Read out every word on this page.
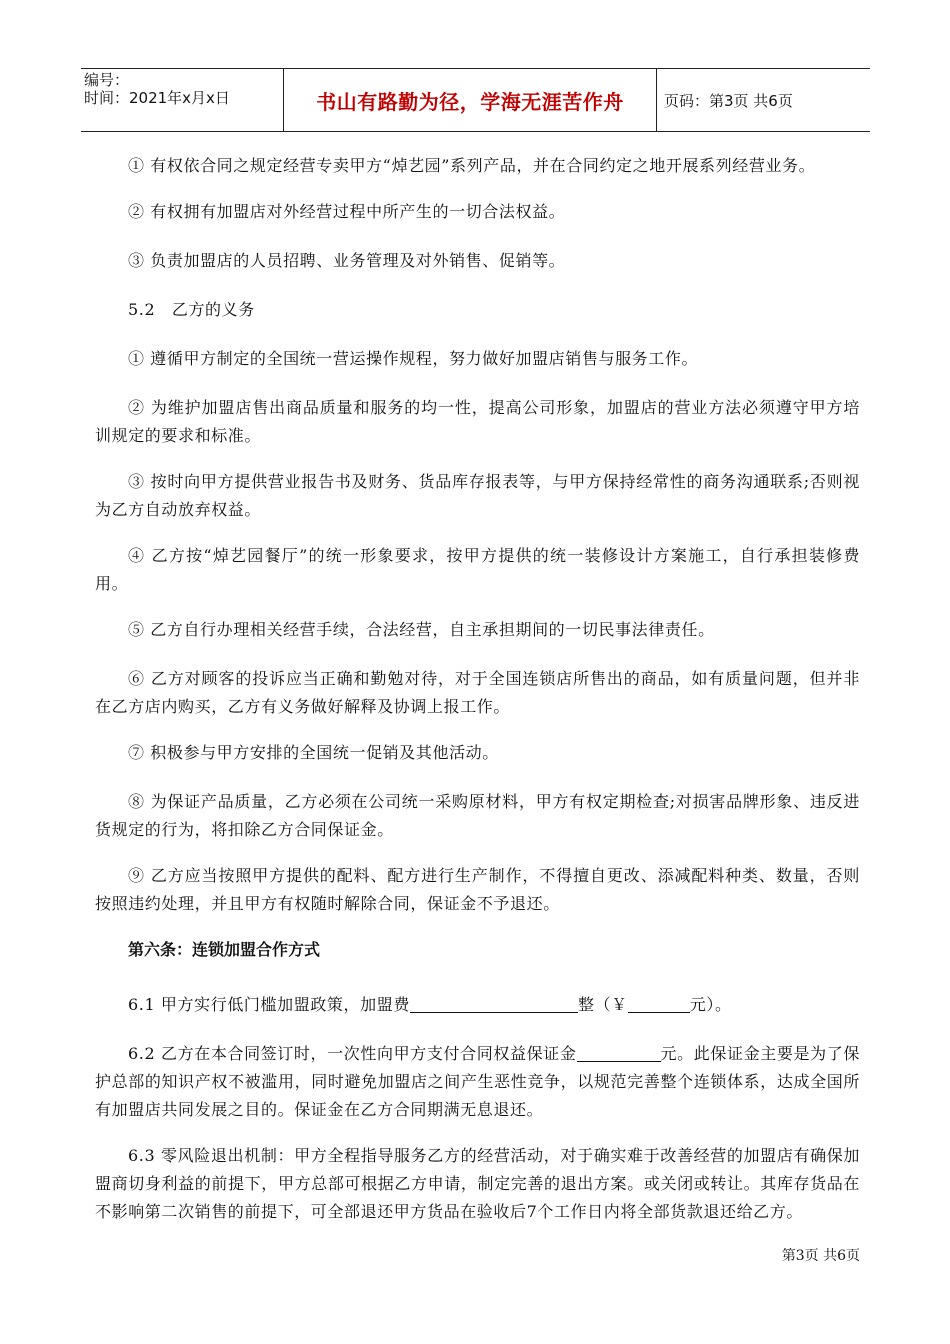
编号：
时间：2021年x月x日	书山有路勤为径，学海无涯苦作舟	页码：第3页 共6页

① 有权依合同之规定经营专卖甲方“焯艺园”系列产品，并在合同约定之地开展系列经营业务。

② 有权拥有加盟店对外经营过程中所产生的一切合法权益。

③ 负责加盟店的人员招聘、业务管理及对外销售、促销等。

5.2　乙方的义务

① 遵循甲方制定的全国统一营运操作规程，努力做好加盟店销售与服务工作。

② 为维护加盟店售出商品质量和服务的均一性，提高公司形象，加盟店的营业方法必须遵守甲方培训规定的要求和标准。

③ 按时向甲方提供营业报告书及财务、货品库存报表等，与甲方保持经常性的商务沟通联系;否则视为乙方自动放弃权益。

④ 乙方按“焯艺园餐厅”的统一形象要求，按甲方提供的统一装修设计方案施工，自行承担装修费用。

⑤ 乙方自行办理相关经营手续，合法经营，自主承担期间的一切民事法律责任。

⑥ 乙方对顾客的投诉应当正确和勤勉对待，对于全国连锁店所售出的商品，如有质量问题，但并非在乙方店内购买，乙方有义务做好解释及协调上报工作。

⑦ 积极参与甲方安排的全国统一促销及其他活动。

⑧ 为保证产品质量，乙方必须在公司统一采购原材料，甲方有权定期检查;对损害品牌形象、违反进货规定的行为，将扣除乙方合同保证金。

⑨ 乙方应当按照甲方提供的配料、配方进行生产制作，不得擅自更改、添减配料种类、数量，否则按照违约处理，并且甲方有权随时解除合同，保证金不予退还。

第六条：连锁加盟合作方式

6.1 甲方实行低门槛加盟政策，加盟费	整（￥	元）。

6.2 乙方在本合同签订时，一次性向甲方支付合同权益保证金	元。此保证金主要是为了保护总部的知识产权不被滥用，同时避免加盟店之间产生恶性竞争，以规范完善整个连锁体系，达成全国所有加盟店共同发展之目的。保证金在乙方合同期满无息退还。

6.3 零风险退出机制：甲方全程指导服务乙方的经营活动，对于确实难于改善经营的加盟店有确保加盟商切身利益的前提下，甲方总部可根据乙方申请，制定完善的退出方案。或关闭或转让。其库存货品在不影响第二次销售的前提下，可全部退还甲方货品在验收后7个工作日内将全部货款退还给乙方。

第3页 共6页
